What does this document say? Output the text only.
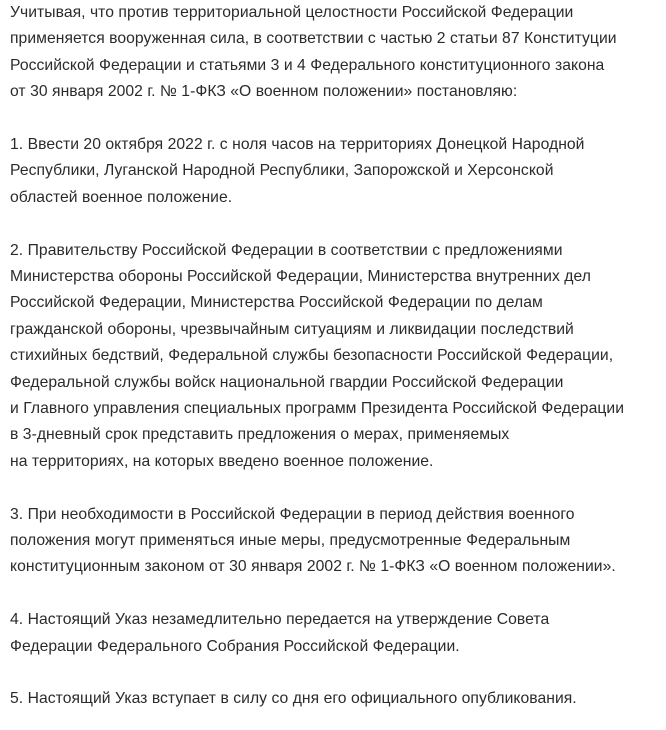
Учитывая, что против территориальной целостности Российской Федерации
применяется вооруженная сила, в соответствии с частью 2 статьи 87 Конституции
Российской Федерации и статьями 3 и 4 Федерального конституционного закона
от 30 января 2002 г. № 1-ФКЗ «О военном положении» постановляю:

1. Ввести 20 октября 2022 г. с ноля часов на территориях Донецкой Народной
Республики, Луганской Народной Республики, Запорожской и Херсонской
областей военное положение.

2. Правительству Российской Федерации в соответствии с предложениями
Министерства обороны Российской Федерации, Министерства внутренних дел
Российской Федерации, Министерства Российской Федерации по делам
гражданской обороны, чрезвычайным ситуациям и ликвидации последствий
стихийных бедствий, Федеральной службы безопасности Российской Федерации,
Федеральной службы войск национальной гвардии Российской Федерации
и Главного управления специальных программ Президента Российской Федерации
в 3-дневный срок представить предложения о мерах, применяемых
на территориях, на которых введено военное положение.

3. При необходимости в Российской Федерации в период действия военного
положения могут применяться иные меры, предусмотренные Федеральным
конституционным законом от 30 января 2002 г. № 1-ФКЗ «О военном положении».

4. Настоящий Указ незамедлительно передается на утверждение Совета
Федерации Федерального Собрания Российской Федерации.

5. Настоящий Указ вступает в силу со дня его официального опубликования.
